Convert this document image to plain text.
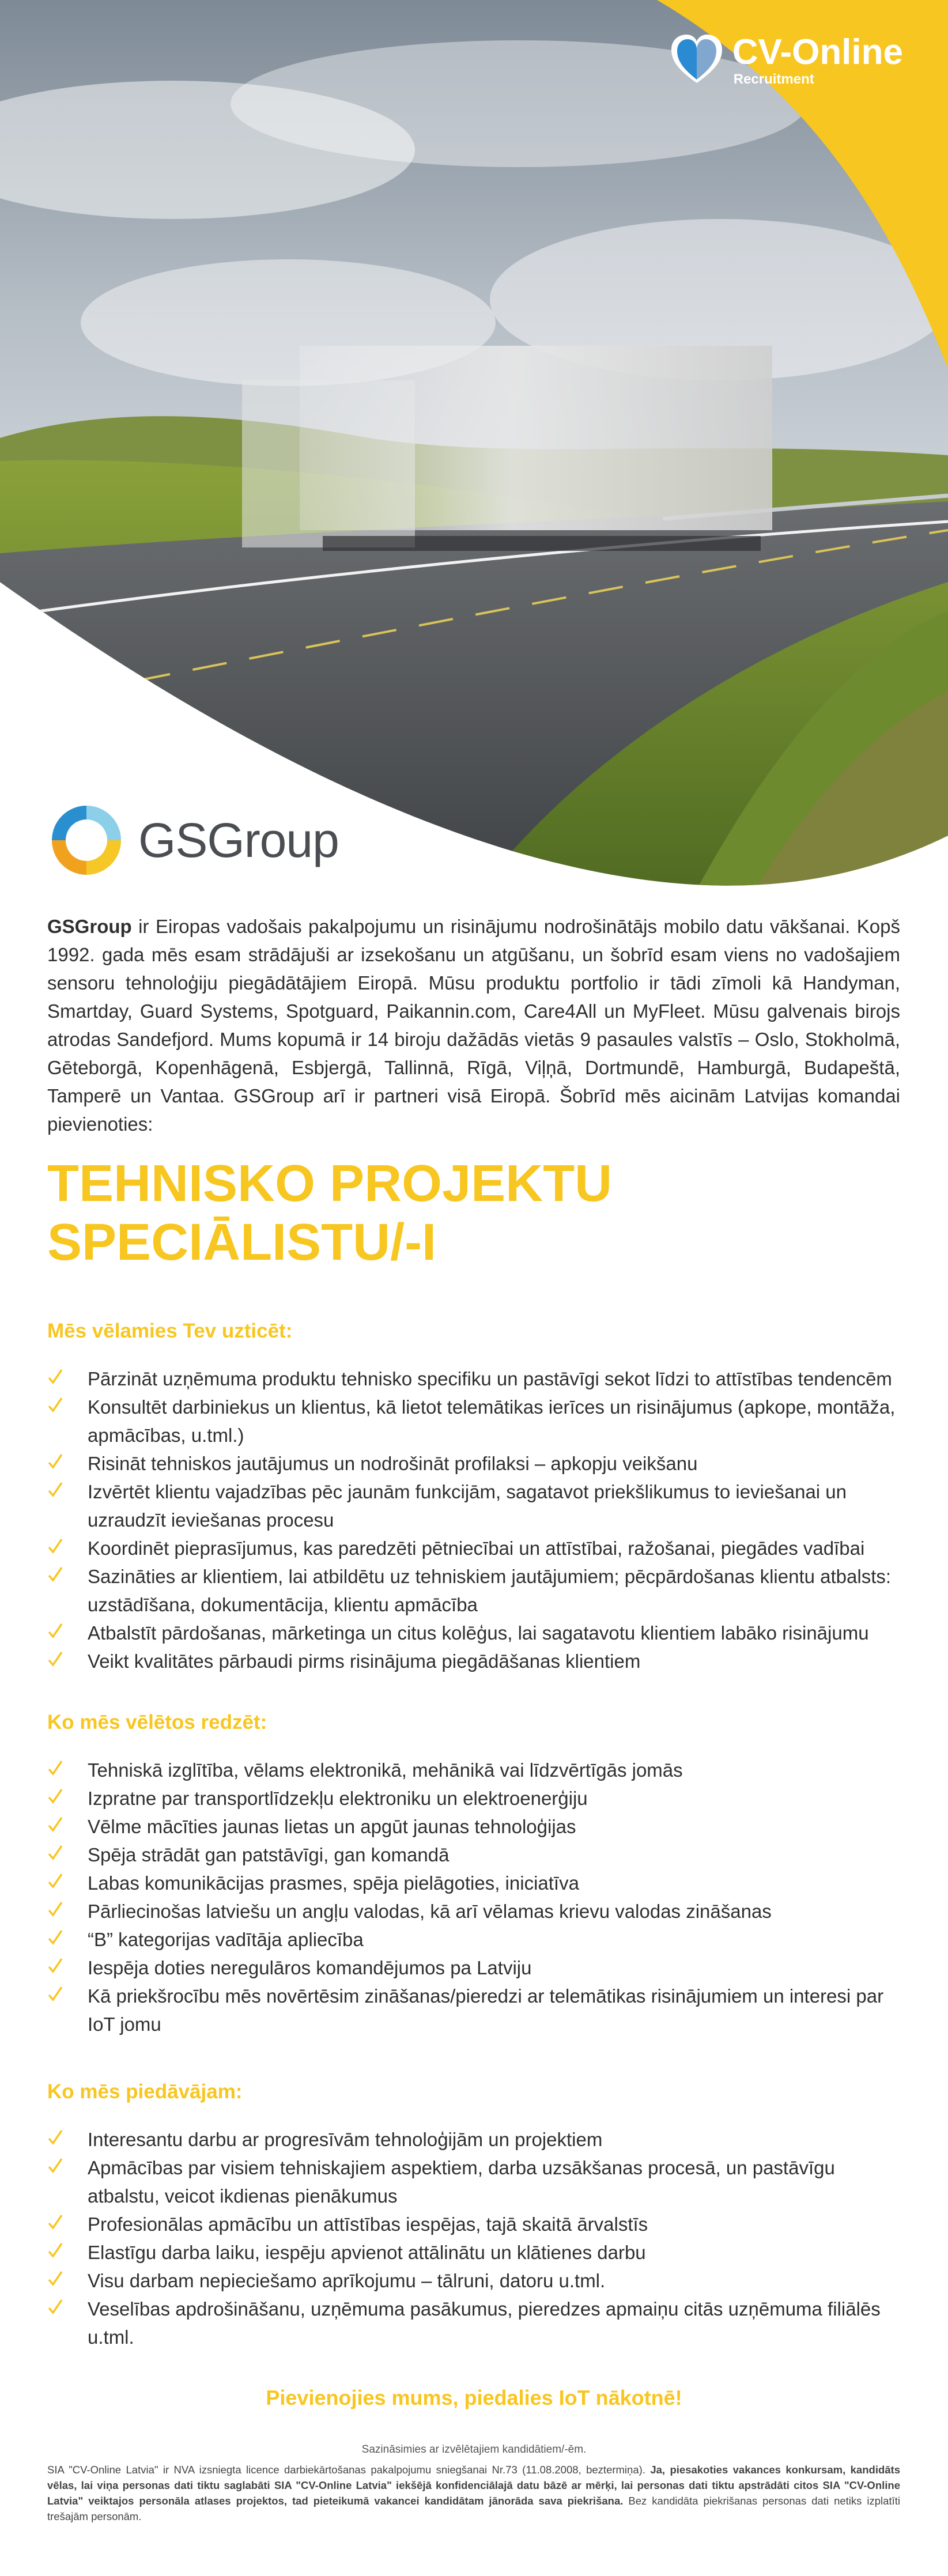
CV-Online
Recruitment
GSGroup

GSGroup ir Eiropas vadošais pakalpojumu un risinājumu nodrošinātājs mobilo datu vākšanai. Kopš 1992. gada mēs esam strādājuši ar izsekošanu un atgūšanu, un šobrīd esam viens no vadošajiem sensoru tehnoloģiju piegādātājiem Eiropā. Mūsu produktu portfolio ir tādi zīmoli kā Handyman, Smartday, Guard Systems, Spotguard, Paikannin.com, Care4All un MyFleet. Mūsu galvenais birojs atrodas Sandefjord. Mums kopumā ir 14 biroju dažādās vietās 9 pasaules valstīs – Oslo, Stokholmā, Gēteborgā, Kopenhāgenā, Esbjergā, Tallinnā, Rīgā, Viļņā, Dortmundē, Hamburgā, Budapeštā, Tamperē un Vantaa. GSGroup arī ir partneri visā Eiropā. Šobrīd mēs aicinām Latvijas komandai pievienoties:

TEHNISKO PROJEKTU
SPECIĀLISTU/-I
Mēs vēlamies Tev uzticēt:
Pārzināt uzņēmuma produktu tehnisko specifiku un pastāvīgi sekot līdzi to attīstības tendencēm
Konsultēt darbiniekus un klientus, kā lietot telemātikas ierīces un risinājumus (apkope, montāža, apmācības, u.tml.)
Risināt tehniskos jautājumus un nodrošināt profilaksi – apkopju veikšanu
Izvērtēt klientu vajadzības pēc jaunām funkcijām, sagatavot priekšlikumus to ieviešanai un uzraudzīt ieviešanas procesu
Koordinēt pieprasījumus, kas paredzēti pētniecībai un attīstībai, ražošanai, piegādes vadībai
Sazināties ar klientiem, lai atbildētu uz tehniskiem jautājumiem; pēcpārdošanas klientu atbalsts: uzstādīšana, dokumentācija, klientu apmācība
Atbalstīt pārdošanas, mārketinga un citus kolēģus, lai sagatavotu klientiem labāko risinājumu
Veikt kvalitātes pārbaudi pirms risinājuma piegādāšanas klientiem
Ko mēs vēlētos redzēt:
Tehniskā izglītība, vēlams elektronikā, mehānikā vai līdzvērtīgās jomās
Izpratne par transportlīdzekļu elektroniku un elektroenerģiju
Vēlme mācīties jaunas lietas un apgūt jaunas tehnoloģijas
Spēja strādāt gan patstāvīgi, gan komandā
Labas komunikācijas prasmes, spēja pielāgoties, iniciatīva
Pārliecinošas latviešu un angļu valodas, kā arī vēlamas krievu valodas zināšanas
“B” kategorijas vadītāja apliecība
Iespēja doties neregulāros komandējumos pa Latviju
Kā priekšrocību mēs novērtēsim zināšanas/pieredzi ar telemātikas risinājumiem un interesi par IoT jomu
Ko mēs piedāvājam:
Interesantu darbu ar progresīvām tehnoloģijām un projektiem
Apmācības par visiem tehniskajiem aspektiem, darba uzsākšanas procesā, un pastāvīgu atbalstu, veicot ikdienas pienākumus
Profesionālas apmācību un attīstības iespējas, tajā skaitā ārvalstīs
Elastīgu darba laiku, iespēju apvienot attālinātu un klātienes darbu
Visu darbam nepieciešamo aprīkojumu – tālruni, datoru u.tml.
Veselības apdrošināšanu, uzņēmuma pasākumus, pieredzes apmaiņu citās uzņēmuma filiālēs u.tml.

Pievienojies mums, piedalies IoT nākotnē!

Sazināsimies ar izvēlētajiem kandidātiem/-ēm.

SIA "CV-Online Latvia" ir NVA izsniegta licence darbiekārtošanas pakalpojumu sniegšanai Nr.73 (11.08.2008, beztermiņa). Ja, piesakoties vakances konkursam, kandidāts vēlas, lai viņa personas dati tiktu saglabāti SIA "CV-Online Latvia" iekšējā konfidenciālajā datu bāzē ar mērķi, lai personas dati tiktu apstrādāti citos SIA "CV-Online Latvia" veiktajos personāla atlases projektos, tad pieteikumā vakancei kandidātam jānorāda sava piekrišana. Bez kandidāta piekrišanas personas dati netiks izplatīti trešajām personām.
